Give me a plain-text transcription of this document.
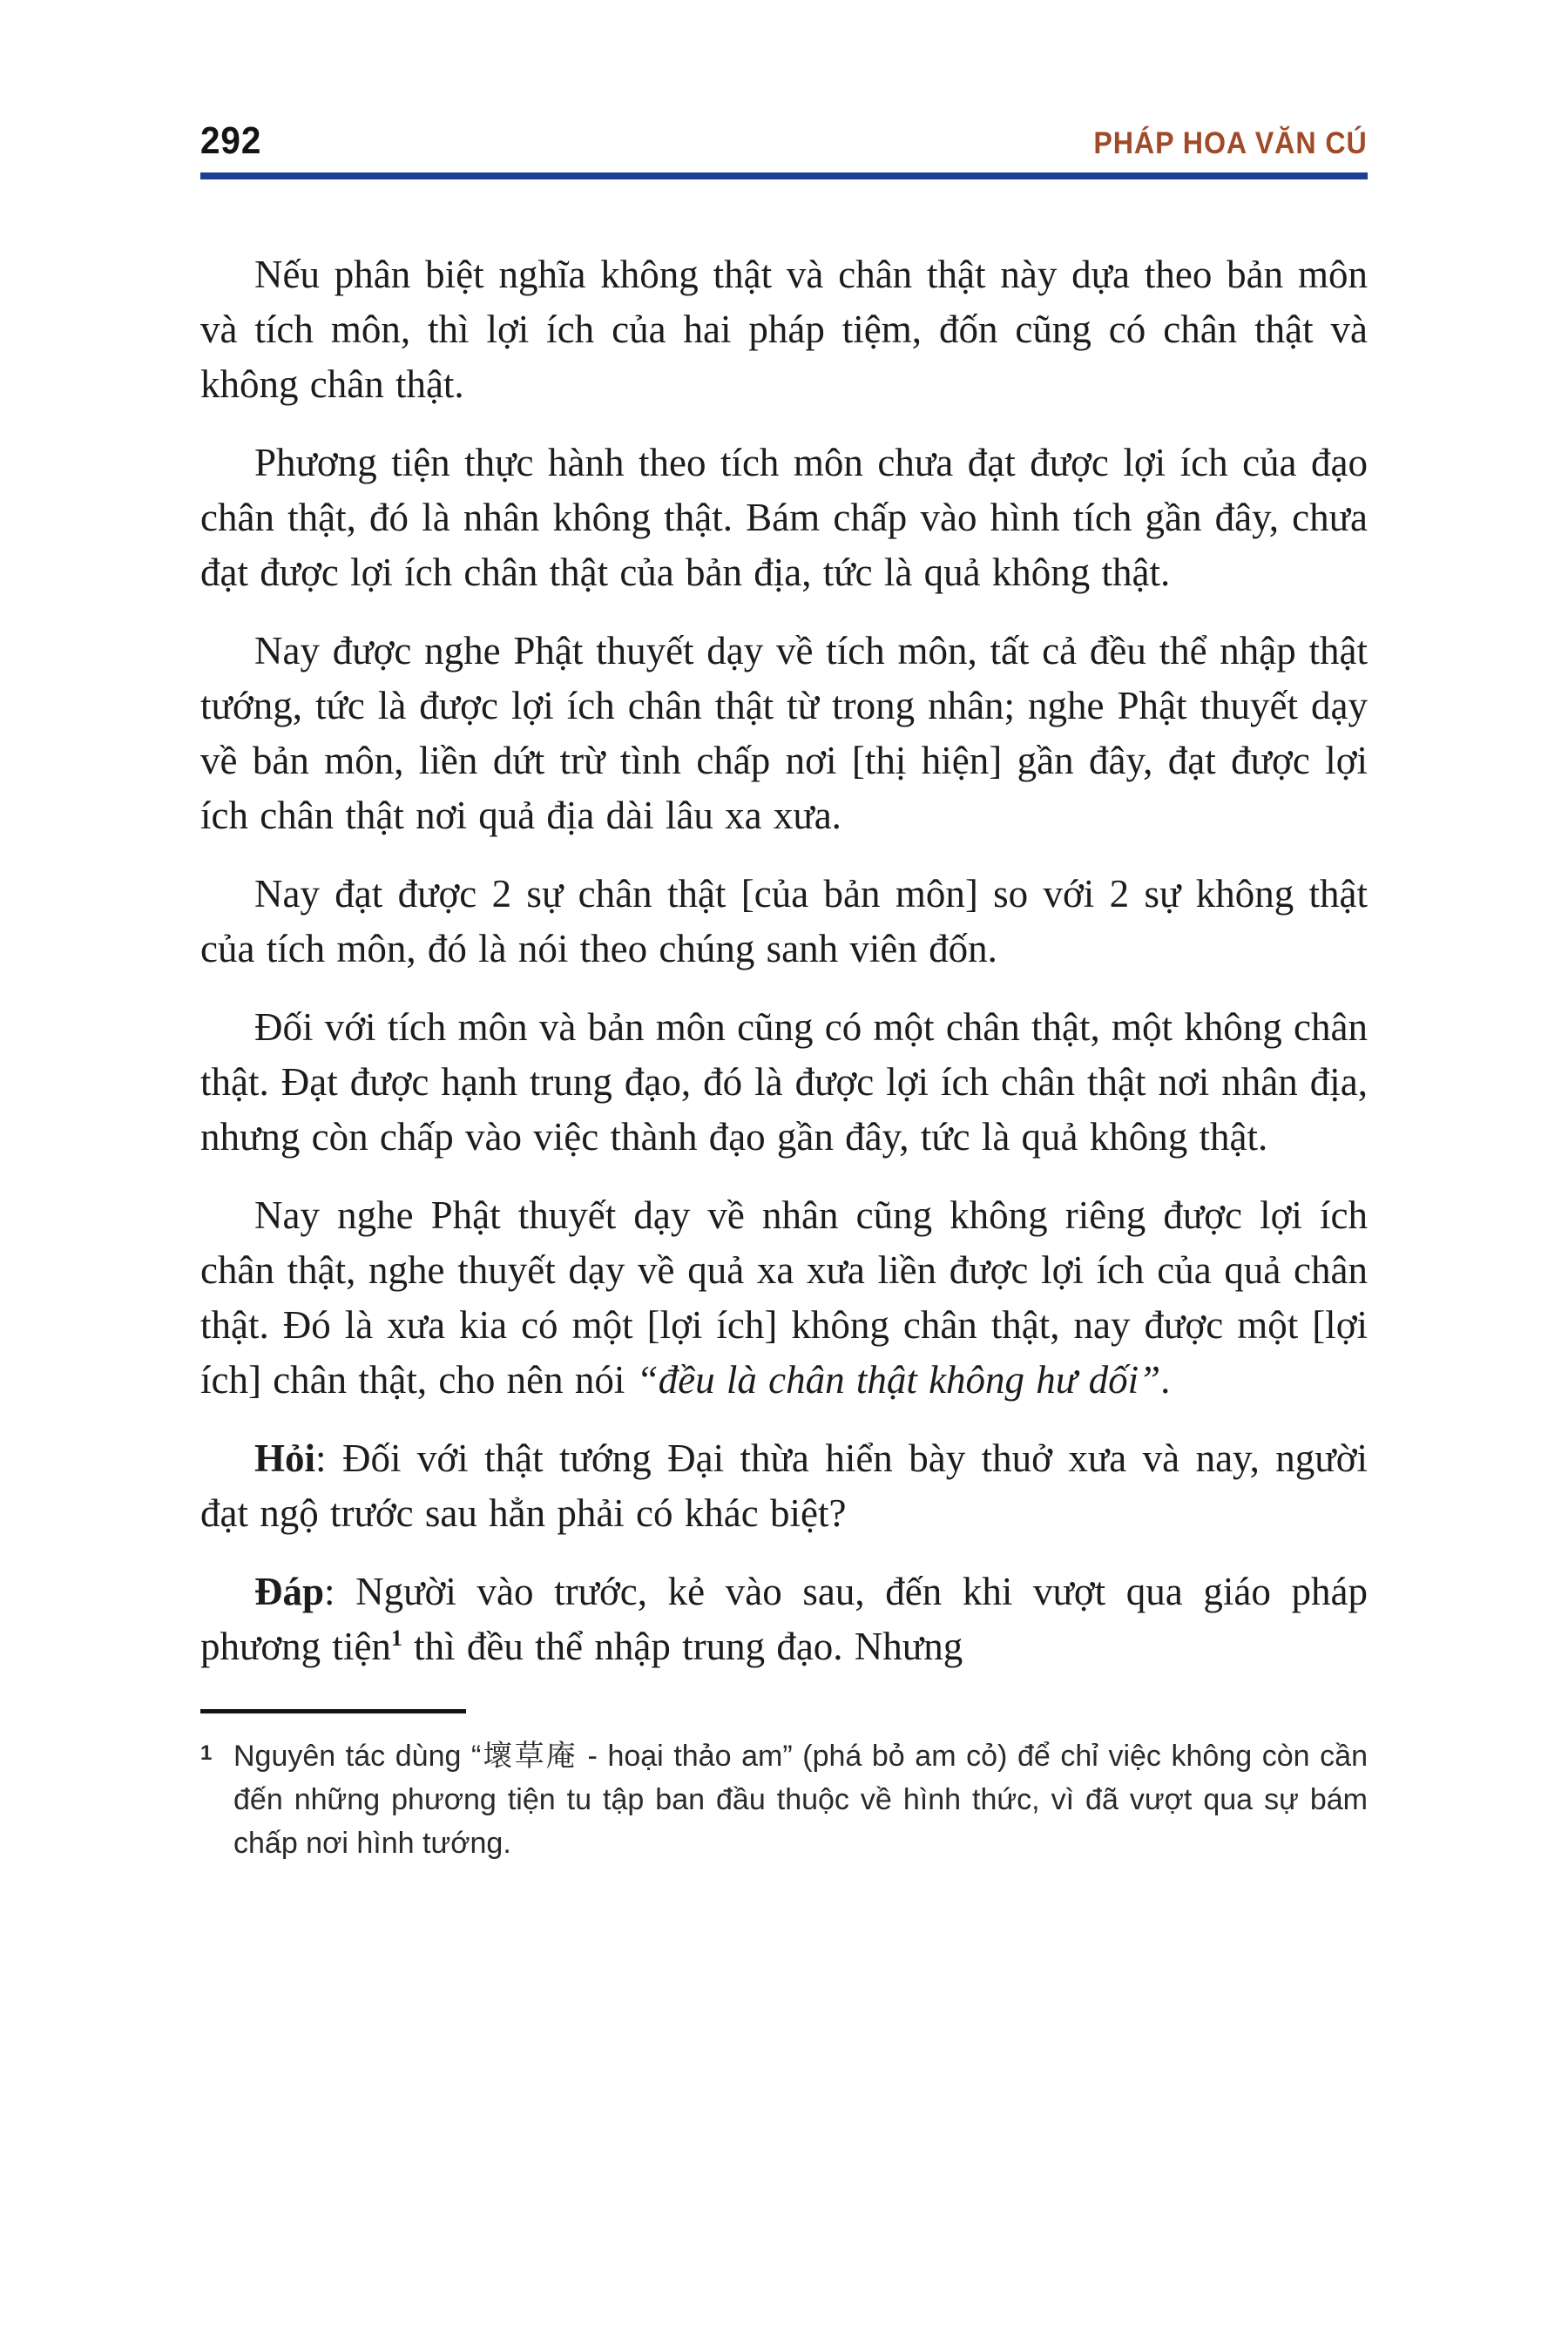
292	PHÁP HOA VĂN CÚ

Nếu phân biệt nghĩa không thật và chân thật này dựa theo bản môn và tích môn, thì lợi ích của hai pháp tiệm, đốn cũng có chân thật và không chân thật.

Phương tiện thực hành theo tích môn chưa đạt được lợi ích của đạo chân thật, đó là nhân không thật. Bám chấp vào hình tích gần đây, chưa đạt được lợi ích chân thật của bản địa, tức là quả không thật.

Nay được nghe Phật thuyết dạy về tích môn, tất cả đều thể nhập thật tướng, tức là được lợi ích chân thật từ trong nhân; nghe Phật thuyết dạy về bản môn, liền dứt trừ tình chấp nơi [thị hiện] gần đây, đạt được lợi ích chân thật nơi quả địa dài lâu xa xưa.

Nay đạt được 2 sự chân thật [của bản môn] so với 2 sự không thật của tích môn, đó là nói theo chúng sanh viên đốn.

Đối với tích môn và bản môn cũng có một chân thật, một không chân thật. Đạt được hạnh trung đạo, đó là được lợi ích chân thật nơi nhân địa, nhưng còn chấp vào việc thành đạo gần đây, tức là quả không thật.

Nay nghe Phật thuyết dạy về nhân cũng không riêng được lợi ích chân thật, nghe thuyết dạy về quả xa xưa liền được lợi ích của quả chân thật. Đó là xưa kia có một [lợi ích] không chân thật, nay được một [lợi ích] chân thật, cho nên nói “đều là chân thật không hư dối”.

Hỏi: Đối với thật tướng Đại thừa hiển bày thuở xưa và nay, người đạt ngộ trước sau hẳn phải có khác biệt?

Đáp: Người vào trước, kẻ vào sau, đến khi vượt qua giáo pháp phương tiện$^1$ thì đều thể nhập trung đạo. Nhưng

1 Nguyên tác dùng “壞草庵 - hoại thảo am” (phá bỏ am cỏ) để chỉ việc không còn cần đến những phương tiện tu tập ban đầu thuộc về hình thức, vì đã vượt qua sự bám chấp nơi hình tướng.
